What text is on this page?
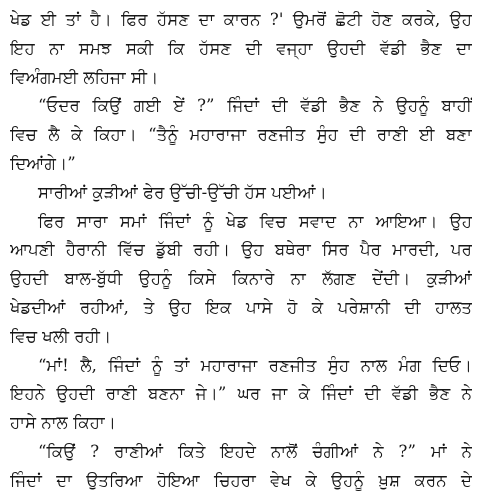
ਖੇਡ ਈ ਤਾਂ ਹੈ। ਫਿਰ ਹੱਸਣ ਦਾ ਕਾਰਨ ?' ਉਮਰੋਂ ਛੋਟੀ ਹੋਣ ਕਰਕੇ, ਉਹ
ਇਹ ਨਾ ਸਮਝ ਸਕੀ ਕਿ ਹੱਸਣ ਦੀ ਵਜ੍ਹਾ ਉਹਦੀ ਵੱਡੀ ਭੈਣ ਦਾ
ਵਿਅੰਗਮਈ ਲਹਿਜਾ ਸੀ।
“ਓਦਰ ਕਿਉਂ ਗਈ ਏਂ ?” ਜਿੰਦਾਂ ਦੀ ਵੱਡੀ ਭੈਣ ਨੇ ਉਹਨੂੰ ਬਾਹੀਂ
ਵਿਚ ਲੈ ਕੇ ਕਿਹਾ। “ਤੈਨੂੰ ਮਹਾਰਾਜਾ ਰਣਜੀਤ ਸੁੰਹ ਦੀ ਰਾਣੀ ਈ ਬਣਾ
ਦਿਆਂਗੇ।”
ਸਾਰੀਆਂ ਕੁੜੀਆਂ ਫੇਰ ਉੱਚੀ-ਉੱਚੀ ਹੱਸ ਪਈਆਂ।
ਫਿਰ ਸਾਰਾ ਸਮਾਂ ਜਿੰਦਾਂ ਨੂੰ ਖੇਡ ਵਿਚ ਸਵਾਦ ਨਾ ਆਇਆ। ਉਹ
ਆਪਣੀ ਹੈਰਾਨੀ ਵਿੱਚ ਡੁੱਬੀ ਰਹੀ। ਉਹ ਬਥੇਰਾ ਸਿਰ ਪੈਰ ਮਾਰਦੀ, ਪਰ
ਉਹਦੀ ਬਾਲ-ਬੁੱਧੀ ਉਹਨੂੰ ਕਿਸੇ ਕਿਨਾਰੇ ਨਾ ਲੱਗਣ ਦੇਂਦੀ। ਕੁੜੀਆਂ
ਖੇਡਦੀਆਂ ਰਹੀਆਂ, ਤੇ ਉਹ ਇਕ ਪਾਸੇ ਹੋ ਕੇ ਪਰੇਸ਼ਾਨੀ ਦੀ ਹਾਲਤ
ਵਿਚ ਖਲੀ ਰਹੀ।
“ਮਾਂ! ਲੈ, ਜਿੰਦਾਂ ਨੂੰ ਤਾਂ ਮਹਾਰਾਜਾ ਰਣਜੀਤ ਸੁੰਹ ਨਾਲ ਮੰਗ ਦਿਓ।
ਇਹਨੇ ਉਹਦੀ ਰਾਣੀ ਬਣਨਾ ਜੇ।” ਘਰ ਜਾ ਕੇ ਜਿੰਦਾਂ ਦੀ ਵੱਡੀ ਭੈਣ ਨੇ
ਹਾਸੇ ਨਾਲ ਕਿਹਾ।
“ਕਿਉਂ ? ਰਾਣੀਆਂ ਕਿਤੇ ਇਹਦੇ ਨਾਲੋਂ ਚੰਗੀਆਂ ਨੇ ?” ਮਾਂ ਨੇ
ਜਿੰਦਾਂ ਦਾ ਉਤਰਿਆ ਹੋਇਆ ਚਿਹਰਾ ਵੇਖ ਕੇ ਉਹਨੂੰ ਖ਼ੁਸ਼ ਕਰਨ ਦੇ
